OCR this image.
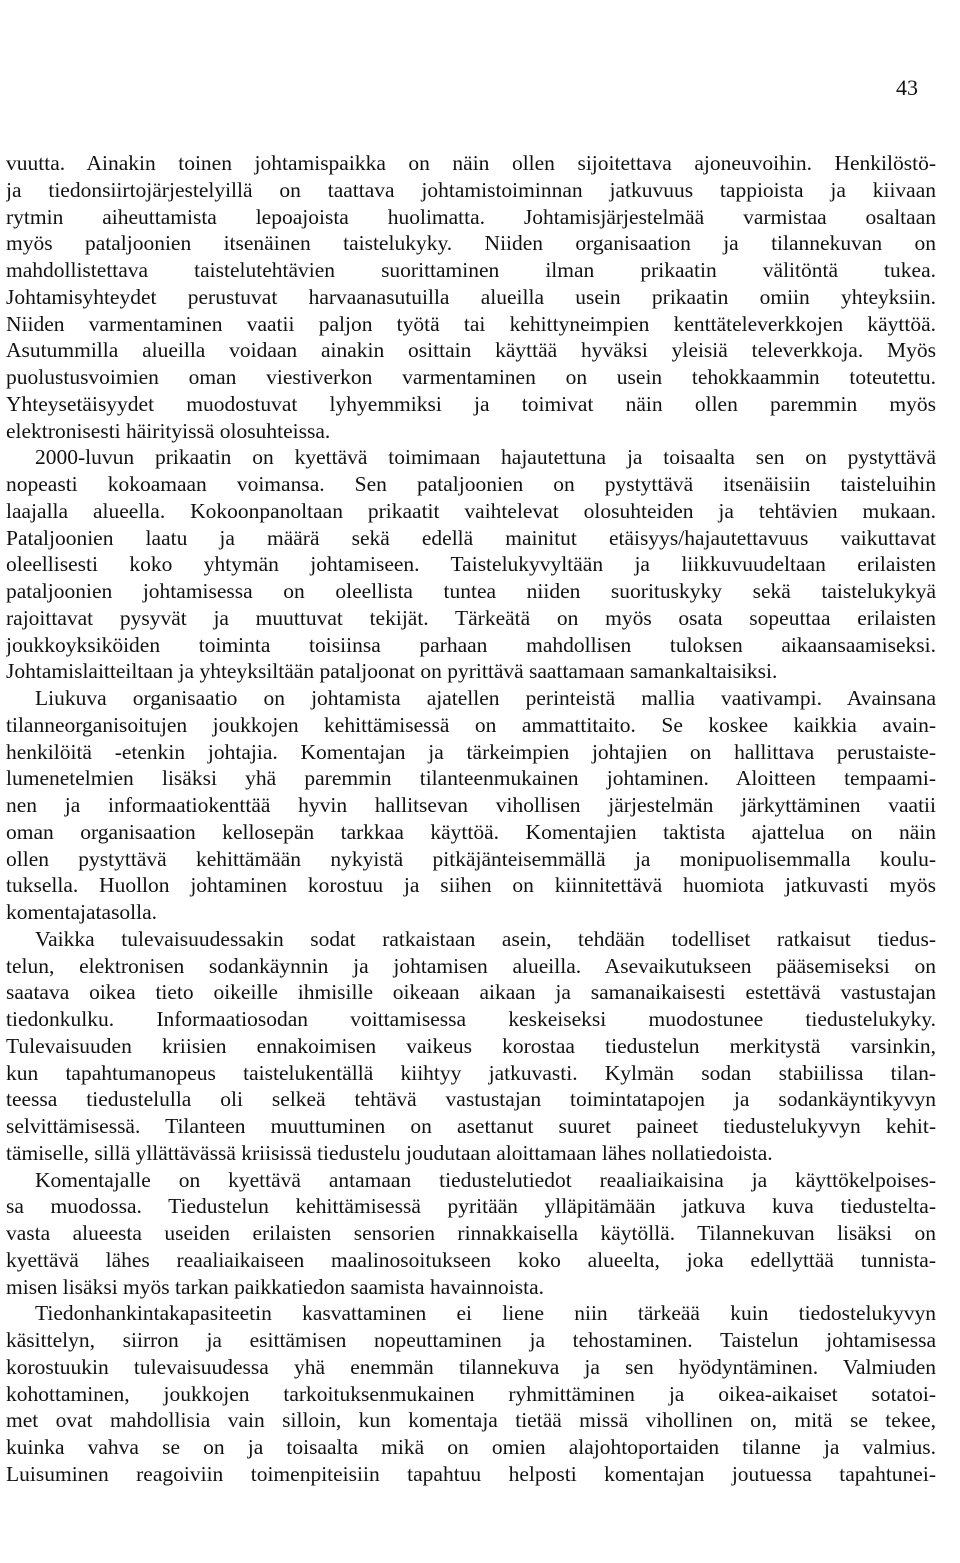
43
vuutta. Ainakin toinen johtamispaikka on näin ollen sijoitettava ajoneuvoihin. Henkilöstö-
ja tiedonsiirtojärjestelyillä on taattava johtamistoiminnan jatkuvuus tappioista ja kiivaan
rytmin aiheuttamista lepoajoista huolimatta. Johtamisjärjestelmää varmistaa osaltaan
myös pataljoonien itsenäinen taistelukyky. Niiden organisaation ja tilannekuvan on
mahdollistettava taistelutehtävien suorittaminen ilman prikaatin välitöntä tukea.
Johtamisyhteydet perustuvat harvaanasutuilla alueilla usein prikaatin omiin yhteyksiin.
Niiden varmentaminen vaatii paljon työtä tai kehittyneimpien kenttäteleverkkojen käyttöä.
Asutummilla alueilla voidaan ainakin osittain käyttää hyväksi yleisiä televerkkoja. Myös
puolustusvoimien oman viestiverkon varmentaminen on usein tehokkaammin toteutettu.
Yhteysetäisyydet muodostuvat lyhyemmiksi ja toimivat näin ollen paremmin myös
elektronisesti häirityissä olosuhteissa.
2000-luvun prikaatin on kyettävä toimimaan hajautettuna ja toisaalta sen on pystyttävä
nopeasti kokoamaan voimansa. Sen pataljoonien on pystyttävä itsenäisiin taisteluihin
laajalla alueella. Kokoonpanoltaan prikaatit vaihtelevat olosuhteiden ja tehtävien mukaan.
Pataljoonien laatu ja määrä sekä edellä mainitut etäisyys/hajautettavuus vaikuttavat
oleellisesti koko yhtymän johtamiseen. Taistelukyvyltään ja liikkuvuudeltaan erilaisten
pataljoonien johtamisessa on oleellista tuntea niiden suorituskyky sekä taistelukykyä
rajoittavat pysyvät ja muuttuvat tekijät. Tärkeätä on myös osata sopeuttaa erilaisten
joukkoyksiköiden toiminta toisiinsa parhaan mahdollisen tuloksen aikaansaamiseksi.
Johtamislaitteiltaan ja yhteyksiltään pataljoonat on pyrittävä saattamaan samankaltaisiksi.
Liukuva organisaatio on johtamista ajatellen perinteistä mallia vaativampi. Avainsana
tilanneorganisoitujen joukkojen kehittämisessä on ammattitaito. Se koskee kaikkia avain-
henkilöitä -etenkin johtajia. Komentajan ja tärkeimpien johtajien on hallittava perustaiste-
lumenetelmien lisäksi yhä paremmin tilanteenmukainen johtaminen. Aloitteen tempaami-
nen ja informaatiokenttää hyvin hallitsevan vihollisen järjestelmän järkyttäminen vaatii
oman organisaation kellosepän tarkkaa käyttöä. Komentajien taktista ajattelua on näin
ollen pystyttävä kehittämään nykyistä pitkäjänteisemmällä ja monipuolisemmalla koulu-
tuksella. Huollon johtaminen korostuu ja siihen on kiinnitettävä huomiota jatkuvasti myös
komentajatasolla.
Vaikka tulevaisuudessakin sodat ratkaistaan asein, tehdään todelliset ratkaisut tiedus-
telun, elektronisen sodankäynnin ja johtamisen alueilla. Asevaikutukseen pääsemiseksi on
saatava oikea tieto oikeille ihmisille oikeaan aikaan ja samanaikaisesti estettävä vastustajan
tiedonkulku. Informaatiosodan voittamisessa keskeiseksi muodostunee tiedustelukyky.
Tulevaisuuden kriisien ennakoimisen vaikeus korostaa tiedustelun merkitystä varsinkin,
kun tapahtumanopeus taistelukentällä kiihtyy jatkuvasti. Kylmän sodan stabiilissa tilan-
teessa tiedustelulla oli selkeä tehtävä vastustajan toimintatapojen ja sodankäyntikyvyn
selvittämisessä. Tilanteen muuttuminen on asettanut suuret paineet tiedustelukyvyn kehit-
tämiselle, sillä yllättävässä kriisissä tiedustelu joudutaan aloittamaan lähes nollatiedoista.
Komentajalle on kyettävä antamaan tiedustelutiedot reaaliaikaisina ja käyttökelpoises-
sa muodossa. Tiedustelun kehittämisessä pyritään ylläpitämään jatkuva kuva tiedustelta-
vasta alueesta useiden erilaisten sensorien rinnakkaisella käytöllä. Tilannekuvan lisäksi on
kyettävä lähes reaaliaikaiseen maalinosoitukseen koko alueelta, joka edellyttää tunnista-
misen lisäksi myös tarkan paikkatiedon saamista havainnoista.
Tiedonhankintakapasiteetin kasvattaminen ei liene niin tärkeää kuin tiedostelukyvyn
käsittelyn, siirron ja esittämisen nopeuttaminen ja tehostaminen. Taistelun johtamisessa
korostuukin tulevaisuudessa yhä enemmän tilannekuva ja sen hyödyntäminen. Valmiuden
kohottaminen, joukkojen tarkoituksenmukainen ryhmittäminen ja oikea-aikaiset sotatoi-
met ovat mahdollisia vain silloin, kun komentaja tietää missä vihollinen on, mitä se tekee,
kuinka vahva se on ja toisaalta mikä on omien alajohtoportaiden tilanne ja valmius.
Luisuminen reagoiviin toimenpiteisiin tapahtuu helposti komentajan joutuessa tapahtunei-
